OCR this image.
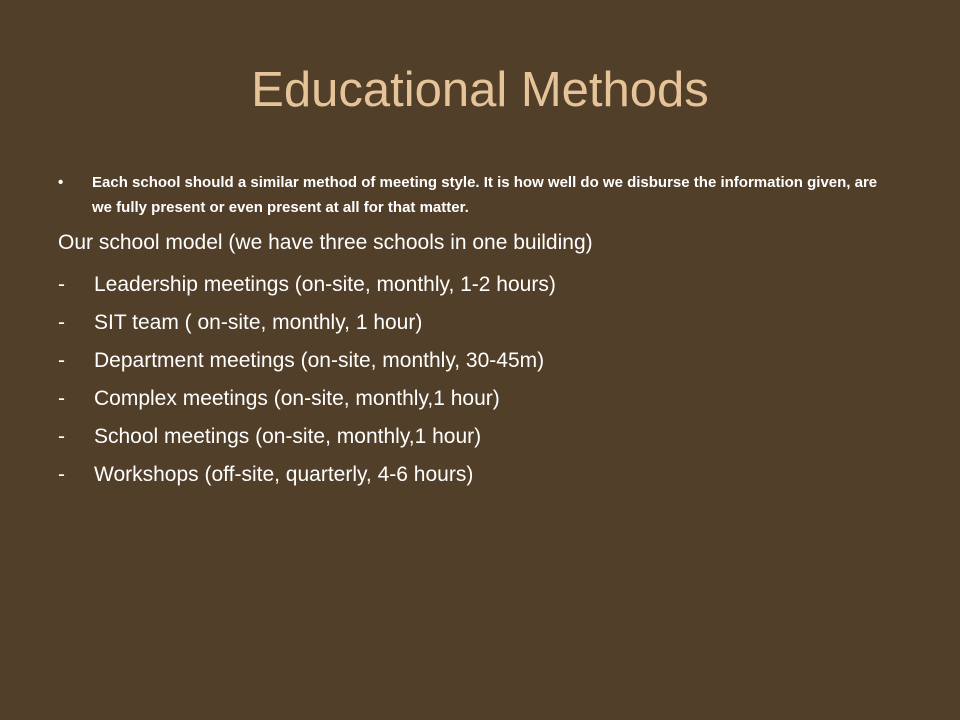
Educational Methods
•	Each school should a similar method of meeting style. It is how well do we disburse the information given, are we fully present or even present at all for that matter.
Our school model (we have three schools in one building)
-	Leadership meetings (on-site, monthly, 1-2 hours)
-	SIT team ( on-site, monthly, 1 hour)
-	Department meetings (on-site, monthly, 30-45m)
-	Complex meetings (on-site, monthly,1 hour)
-	School meetings (on-site, monthly,1 hour)
-	Workshops (off-site, quarterly, 4-6 hours)
